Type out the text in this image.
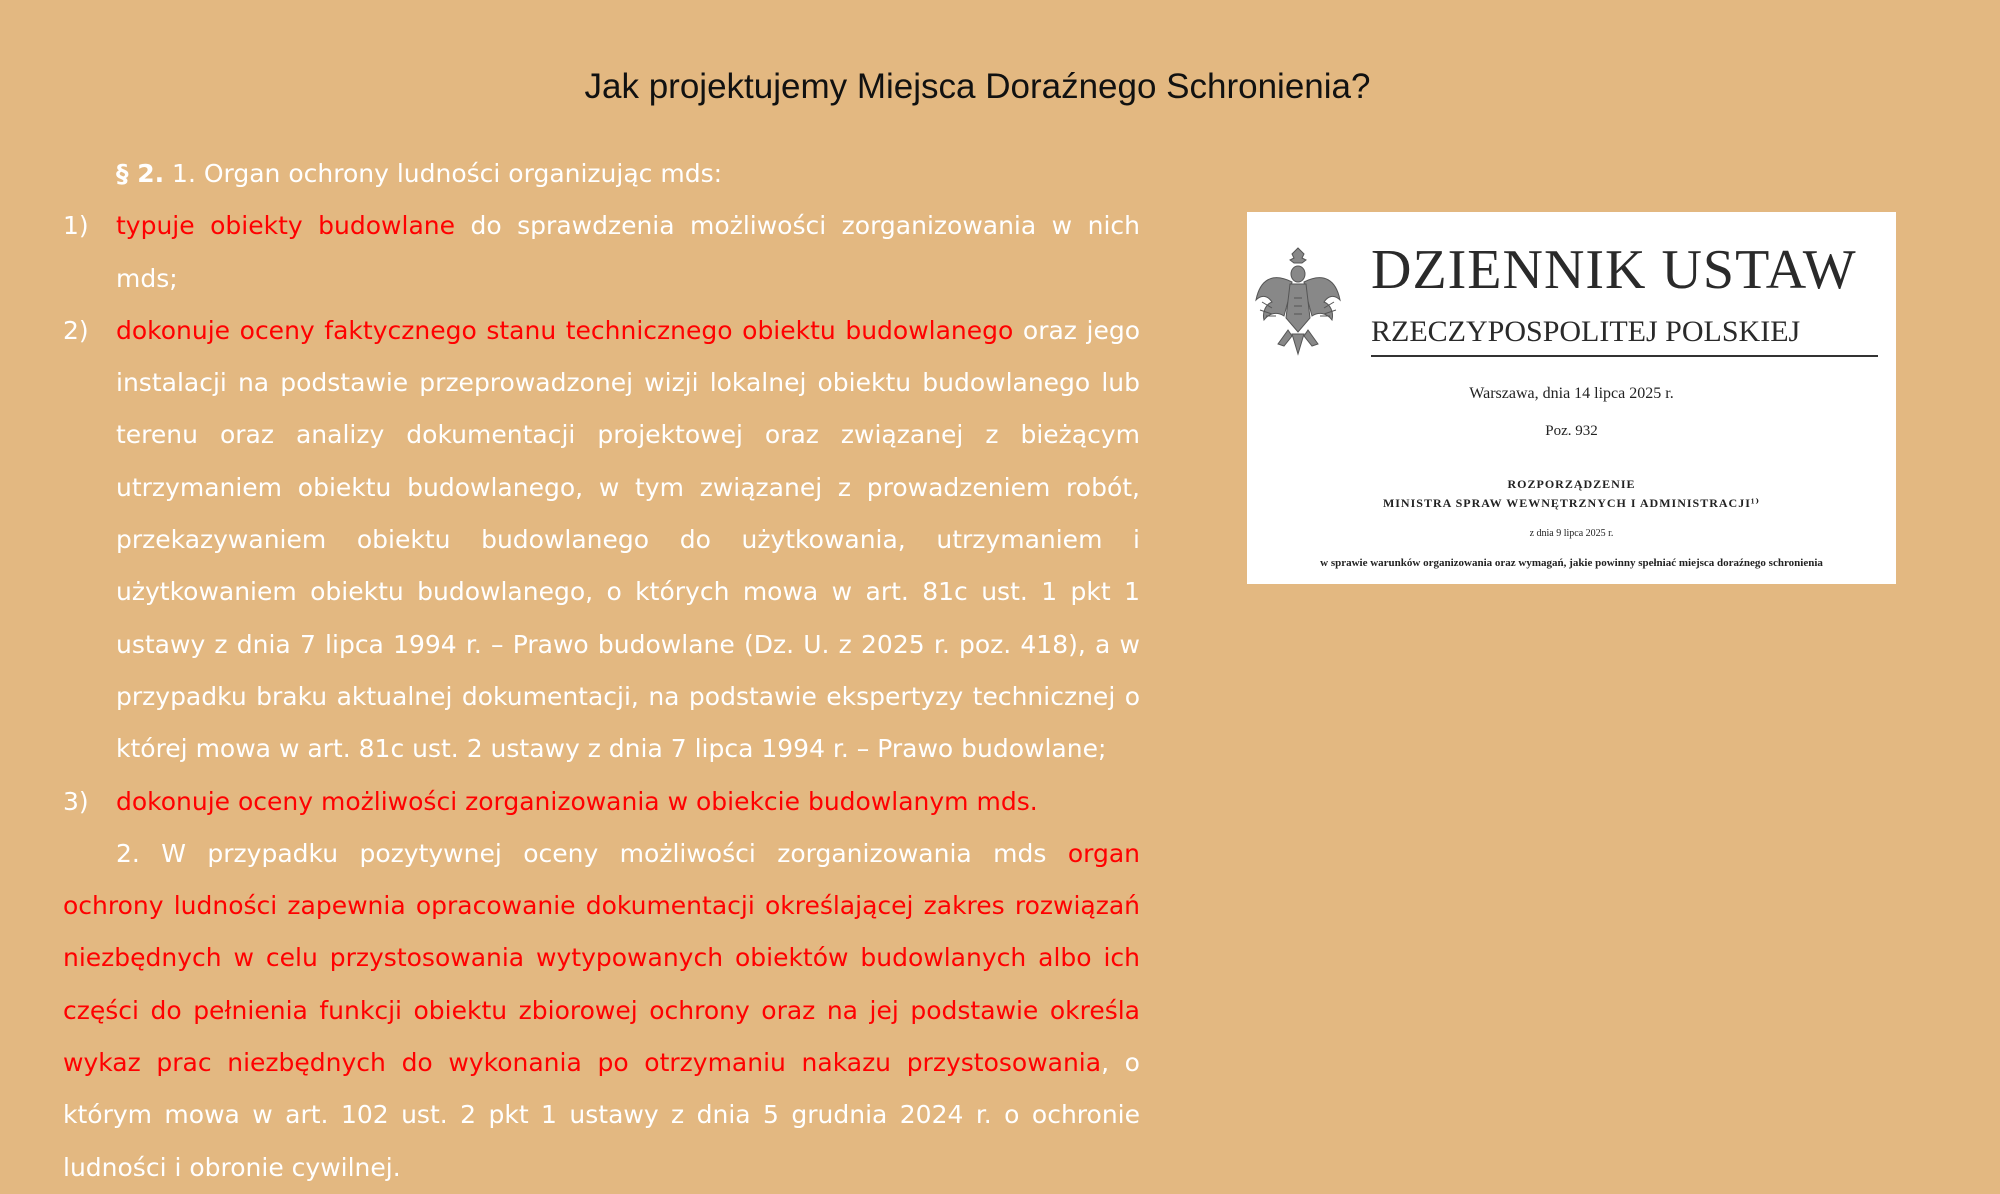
Jak projektujemy Miejsca Doraźnego Schronienia?

§ 2. 1. Organ ochrony ludności organizując mds:

1) typuje obiekty budowlane do sprawdzenia możliwości zorganizowania w nich mds;

2) dokonuje oceny faktycznego stanu technicznego obiektu budowlanego oraz jego instalacji na podstawie przeprowadzonej wizji lokalnej obiektu budowlanego lub terenu oraz analizy dokumentacji projektowej oraz związanej z bieżącym utrzymaniem obiektu budowlanego, w tym związanej z prowadzeniem robót, przekazywaniem obiektu budowlanego do użytkowania, utrzymaniem i użytkowaniem obiektu budowlanego, o których mowa w art. 81c ust. 1 pkt 1 ustawy z dnia 7 lipca 1994 r. – Prawo budowlane (Dz. U. z 2025 r. poz. 418), a w przypadku braku aktualnej dokumentacji, na podstawie ekspertyzy technicznej o której mowa w art. 81c ust. 2 ustawy z dnia 7 lipca 1994 r. – Prawo budowlane;

3) dokonuje oceny możliwości zorganizowania w obiekcie budowlanym mds.

2. W przypadku pozytywnej oceny możliwości zorganizowania mds organ ochrony ludności zapewnia opracowanie dokumentacji określającej zakres rozwiązań niezbędnych w celu przystosowania wytypowanych obiektów budowlanych albo ich części do pełnienia funkcji obiektu zbiorowej ochrony oraz na jej podstawie określa wykaz prac niezbędnych do wykonania po otrzymaniu nakazu przystosowania, o którym mowa w art. 102 ust. 2 pkt 1 ustawy z dnia 5 grudnia 2024 r. o ochronie ludności i obronie cywilnej.

DZIENNIK USTAW
RZECZYPOSPOLITEJ POLSKIEJ
Warszawa, dnia 14 lipca 2025 r.
Poz. 932
ROZPORZĄDZENIE
MINISTRA SPRAW WEWNĘTRZNYCH I ADMINISTRACJI¹⁾
z dnia 9 lipca 2025 r.
w sprawie warunków organizowania oraz wymagań, jakie powinny spełniać miejsca doraźnego schronienia
